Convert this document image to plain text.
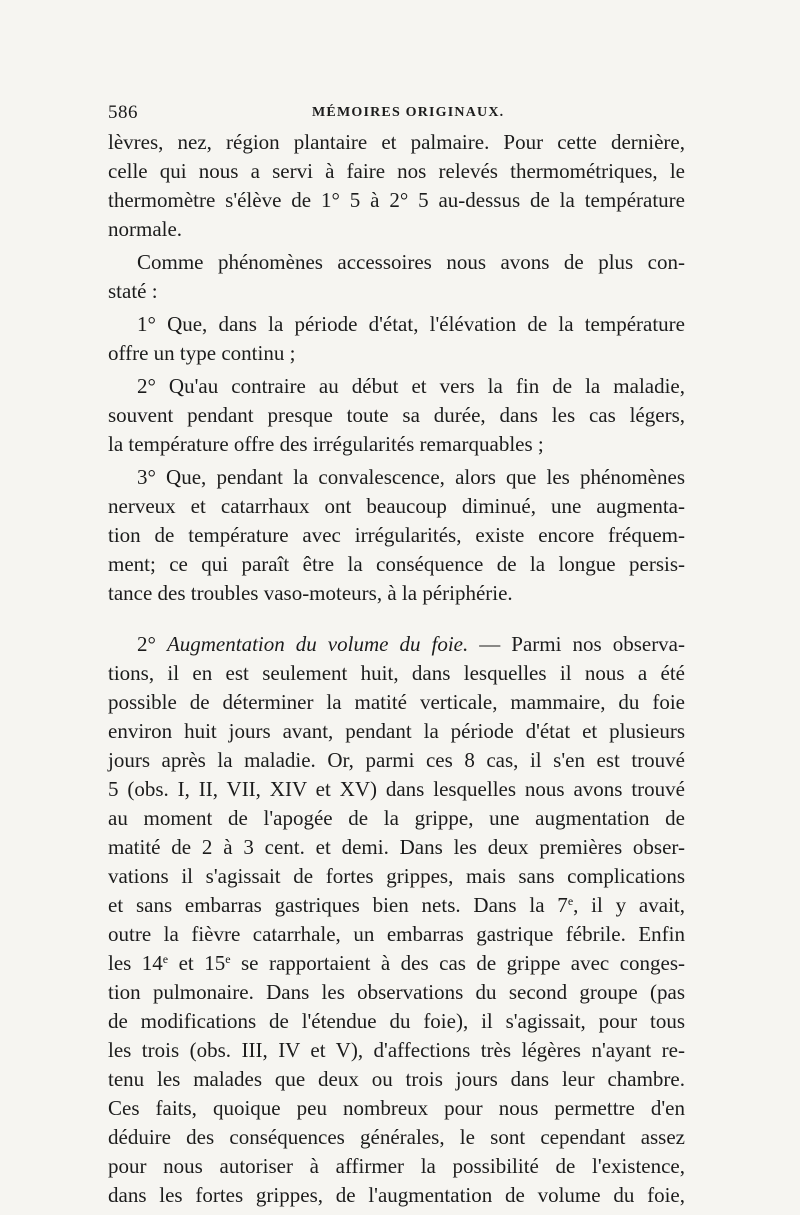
586	MÉMOIRES ORIGINAUX.
lèvres, nez, région plantaire et palmaire. Pour cette dernière,
celle qui nous a servi à faire nos relevés thermométriques, le
thermomètre s'élève de 1° 5 à 2° 5 au-dessus de la température
normale.
Comme phénomènes accessoires nous avons de plus con-
staté :
1° Que, dans la période d'état, l'élévation de la température
offre un type continu ;
2° Qu'au contraire au début et vers la fin de la maladie,
souvent pendant presque toute sa durée, dans les cas légers,
la température offre des irrégularités remarquables ;
3° Que, pendant la convalescence, alors que les phénomènes
nerveux et catarrhaux ont beaucoup diminué, une augmenta-
tion de température avec irrégularités, existe encore fréquem-
ment; ce qui paraît être la conséquence de la longue persis-
tance des troubles vaso-moteurs, à la périphérie.
2° Augmentation du volume du foie. — Parmi nos observa-
tions, il en est seulement huit, dans lesquelles il nous a été
possible de déterminer la matité verticale, mammaire, du foie
environ huit jours avant, pendant la période d'état et plusieurs
jours après la maladie. Or, parmi ces 8 cas, il s'en est trouvé
5 (obs. I, II, VII, XIV et XV) dans lesquelles nous avons trouvé
au moment de l'apogée de la grippe, une augmentation de
matité de 2 à 3 cent. et demi. Dans les deux premières obser-
vations il s'agissait de fortes grippes, mais sans complications
et sans embarras gastriques bien nets. Dans la 7e, il y avait,
outre la fièvre catarrhale, un embarras gastrique fébrile. Enfin
les 14e et 15e se rapportaient à des cas de grippe avec conges-
tion pulmonaire. Dans les observations du second groupe (pas
de modifications de l'étendue du foie), il s'agissait, pour tous
les trois (obs. III, IV et V), d'affections très légères n'ayant re-
tenu les malades que deux ou trois jours dans leur chambre.
Ces faits, quoique peu nombreux pour nous permettre d'en
déduire des conséquences générales, le sont cependant assez
pour nous autoriser à affirmer la possibilité de l'existence,
dans les fortes grippes, de l'augmentation de volume du foie,
